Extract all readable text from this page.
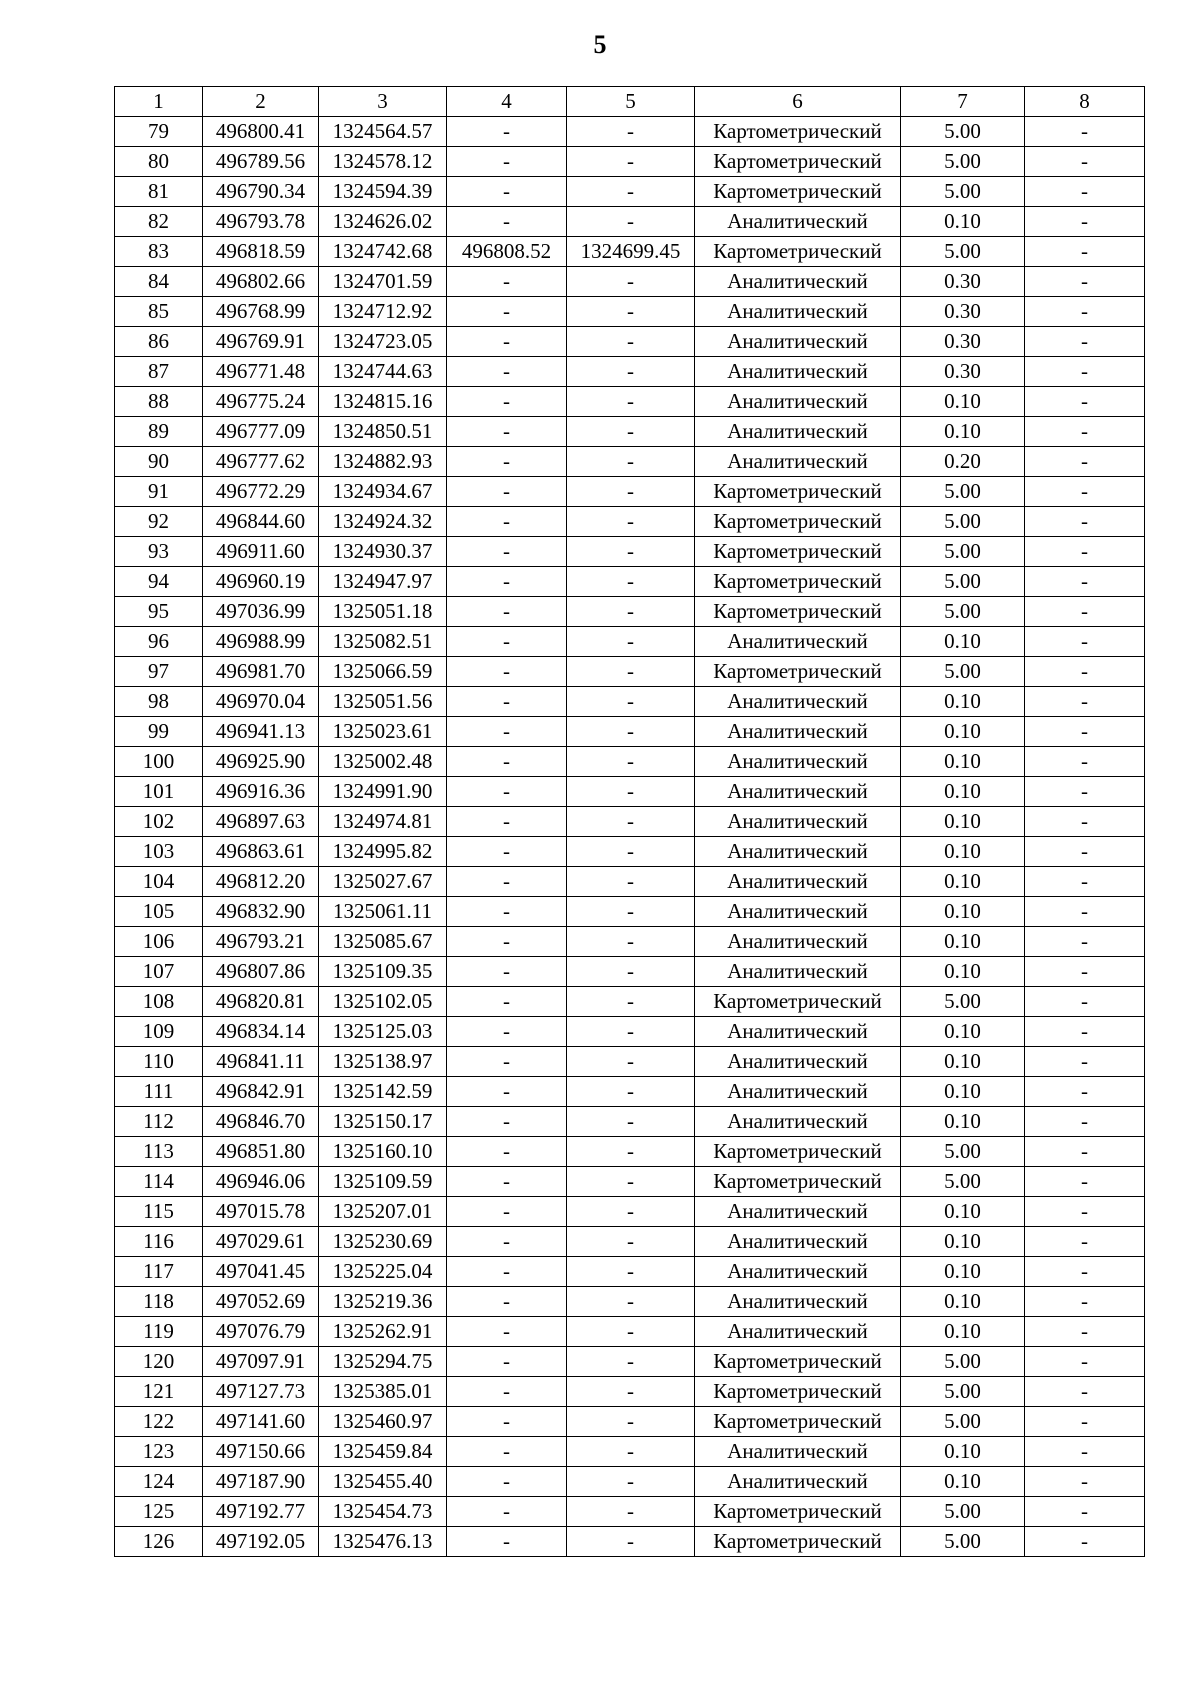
5
1	2	3	4	5	6	7	8
79	496800.41	1324564.57	-	-	Картометрический	5.00	-
80	496789.56	1324578.12	-	-	Картометрический	5.00	-
81	496790.34	1324594.39	-	-	Картометрический	5.00	-
82	496793.78	1324626.02	-	-	Аналитический	0.10	-
83	496818.59	1324742.68	496808.52	1324699.45	Картометрический	5.00	-
84	496802.66	1324701.59	-	-	Аналитический	0.30	-
85	496768.99	1324712.92	-	-	Аналитический	0.30	-
86	496769.91	1324723.05	-	-	Аналитический	0.30	-
87	496771.48	1324744.63	-	-	Аналитический	0.30	-
88	496775.24	1324815.16	-	-	Аналитический	0.10	-
89	496777.09	1324850.51	-	-	Аналитический	0.10	-
90	496777.62	1324882.93	-	-	Аналитический	0.20	-
91	496772.29	1324934.67	-	-	Картометрический	5.00	-
92	496844.60	1324924.32	-	-	Картометрический	5.00	-
93	496911.60	1324930.37	-	-	Картометрический	5.00	-
94	496960.19	1324947.97	-	-	Картометрический	5.00	-
95	497036.99	1325051.18	-	-	Картометрический	5.00	-
96	496988.99	1325082.51	-	-	Аналитический	0.10	-
97	496981.70	1325066.59	-	-	Картометрический	5.00	-
98	496970.04	1325051.56	-	-	Аналитический	0.10	-
99	496941.13	1325023.61	-	-	Аналитический	0.10	-
100	496925.90	1325002.48	-	-	Аналитический	0.10	-
101	496916.36	1324991.90	-	-	Аналитический	0.10	-
102	496897.63	1324974.81	-	-	Аналитический	0.10	-
103	496863.61	1324995.82	-	-	Аналитический	0.10	-
104	496812.20	1325027.67	-	-	Аналитический	0.10	-
105	496832.90	1325061.11	-	-	Аналитический	0.10	-
106	496793.21	1325085.67	-	-	Аналитический	0.10	-
107	496807.86	1325109.35	-	-	Аналитический	0.10	-
108	496820.81	1325102.05	-	-	Картометрический	5.00	-
109	496834.14	1325125.03	-	-	Аналитический	0.10	-
110	496841.11	1325138.97	-	-	Аналитический	0.10	-
111	496842.91	1325142.59	-	-	Аналитический	0.10	-
112	496846.70	1325150.17	-	-	Аналитический	0.10	-
113	496851.80	1325160.10	-	-	Картометрический	5.00	-
114	496946.06	1325109.59	-	-	Картометрический	5.00	-
115	497015.78	1325207.01	-	-	Аналитический	0.10	-
116	497029.61	1325230.69	-	-	Аналитический	0.10	-
117	497041.45	1325225.04	-	-	Аналитический	0.10	-
118	497052.69	1325219.36	-	-	Аналитический	0.10	-
119	497076.79	1325262.91	-	-	Аналитический	0.10	-
120	497097.91	1325294.75	-	-	Картометрический	5.00	-
121	497127.73	1325385.01	-	-	Картометрический	5.00	-
122	497141.60	1325460.97	-	-	Картометрический	5.00	-
123	497150.66	1325459.84	-	-	Аналитический	0.10	-
124	497187.90	1325455.40	-	-	Аналитический	0.10	-
125	497192.77	1325454.73	-	-	Картометрический	5.00	-
126	497192.05	1325476.13	-	-	Картометрический	5.00	-
